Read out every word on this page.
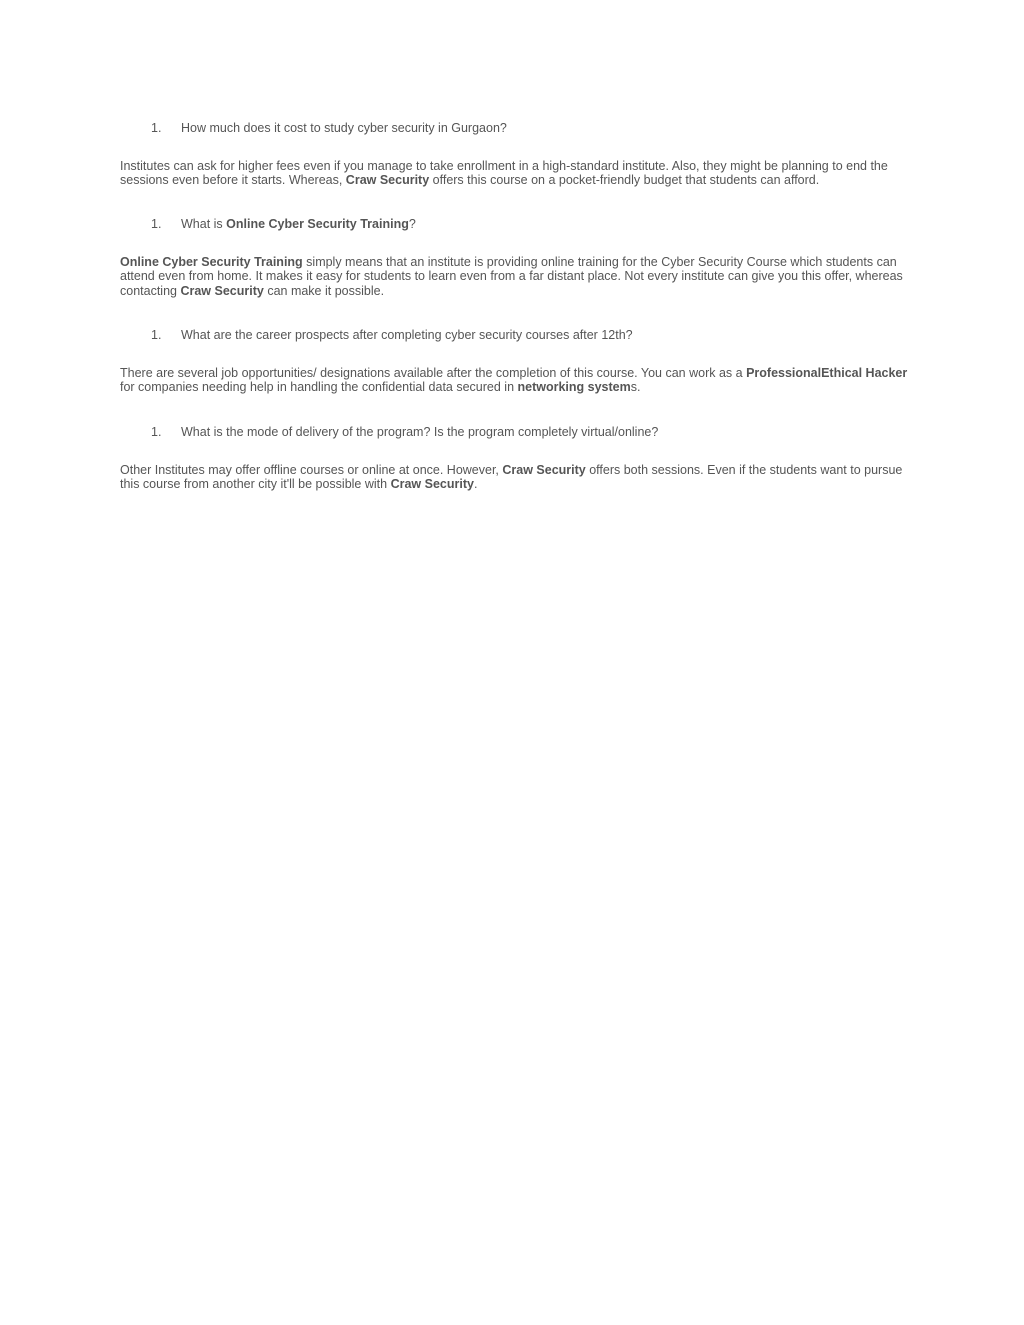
1. How much does it cost to study cyber security in Gurgaon?
Institutes can ask for higher fees even if you manage to take enrollment in a high-standard institute. Also, they might be planning to end the sessions even before it starts. Whereas, Craw Security offers this course on a pocket-friendly budget that students can afford.
1. What is Online Cyber Security Training?
Online Cyber Security Training simply means that an institute is providing online training for the Cyber Security Course which students can attend even from home. It makes it easy for students to learn even from a far distant place. Not every institute can give you this offer, whereas contacting Craw Security can make it possible.
1. What are the career prospects after completing cyber security courses after 12th?
There are several job opportunities/ designations available after the completion of this course. You can work as a ProfessionalEthical Hacker for companies needing help in handling the confidential data secured in networking systems.
1. What is the mode of delivery of the program? Is the program completely virtual/online?
Other Institutes may offer offline courses or online at once. However, Craw Security offers both sessions. Even if the students want to pursue this course from another city it'll be possible with Craw Security.
